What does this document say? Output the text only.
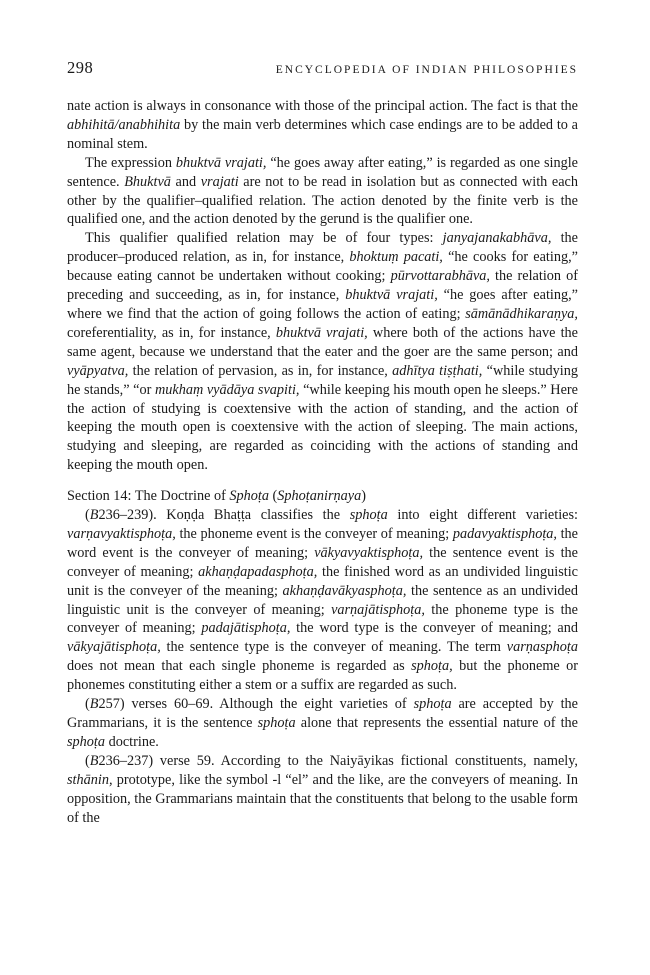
298	ENCYCLOPEDIA OF INDIAN PHILOSOPHIES

nate action is always in consonance with those of the principal action. The fact is that the abhihitā/anabhihita by the main verb determines which case endings are to be added to a nominal stem.

The expression bhuktvā vrajati, “he goes away after eating,” is regarded as one single sentence. Bhuktvā and vrajati are not to be read in isolation but as connected with each other by the qualifier–qualified relation. The action denoted by the finite verb is the qualified one, and the action denoted by the gerund is the qualifier one.

This qualifier qualified relation may be of four types: janyajanakabhāva, the producer–produced relation, as in, for instance, bhoktuṃ pacati, “he cooks for eating,” because eating cannot be undertaken without cooking; pūrvottarabhāva, the relation of preceding and succeeding, as in, for instance, bhuktvā vrajati, “he goes after eating,” where we find that the action of going follows the action of eating; sāmānādhikaraṇya, coreferentiality, as in, for instance, bhuktvā vrajati, where both of the actions have the same agent, because we understand that the eater and the goer are the same person; and vyāpyatva, the relation of pervasion, as in, for instance, adhītya tiṣṭhati, “while studying he stands,” “or mukhaṃ vyādāya svapiti, “while keeping his mouth open he sleeps.” Here the action of studying is coextensive with the action of standing, and the action of keeping the mouth open is coextensive with the action of sleeping. The main actions, studying and sleeping, are regarded as coinciding with the actions of standing and keeping the mouth open.

Section 14: The Doctrine of Sphoṭa (Sphoṭanirṇaya)

(B236–239). Koṇḍa Bhaṭṭa classifies the sphoṭa into eight different varieties: varṇavyaktisphoṭa, the phoneme event is the conveyer of meaning; padavyaktisphoṭa, the word event is the conveyer of meaning; vākyavyaktisphoṭa, the sentence event is the conveyer of meaning; akhaṇḍapadasphoṭa, the finished word as an undivided linguistic unit is the conveyer of the meaning; akhaṇḍavākyasphoṭa, the sentence as an undivided linguistic unit is the conveyer of meaning; varṇajātisphoṭa, the phoneme type is the conveyer of meaning; padajātisphoṭa, the word type is the conveyer of meaning; and vākyajātisphoṭa, the sentence type is the conveyer of meaning. The term varṇasphoṭa does not mean that each single phoneme is regarded as sphoṭa, but the phoneme or phonemes constituting either a stem or a suffix are regarded as such.

(B257) verses 60–69. Although the eight varieties of sphoṭa are accepted by the Grammarians, it is the sentence sphoṭa alone that represents the essential nature of the sphoṭa doctrine.

(B236–237) verse 59. According to the Naiyāyikas fictional constituents, namely, sthānin, prototype, like the symbol -l “el” and the like, are the conveyers of meaning. In opposition, the Grammarians maintain that the constituents that belong to the usable form of the
